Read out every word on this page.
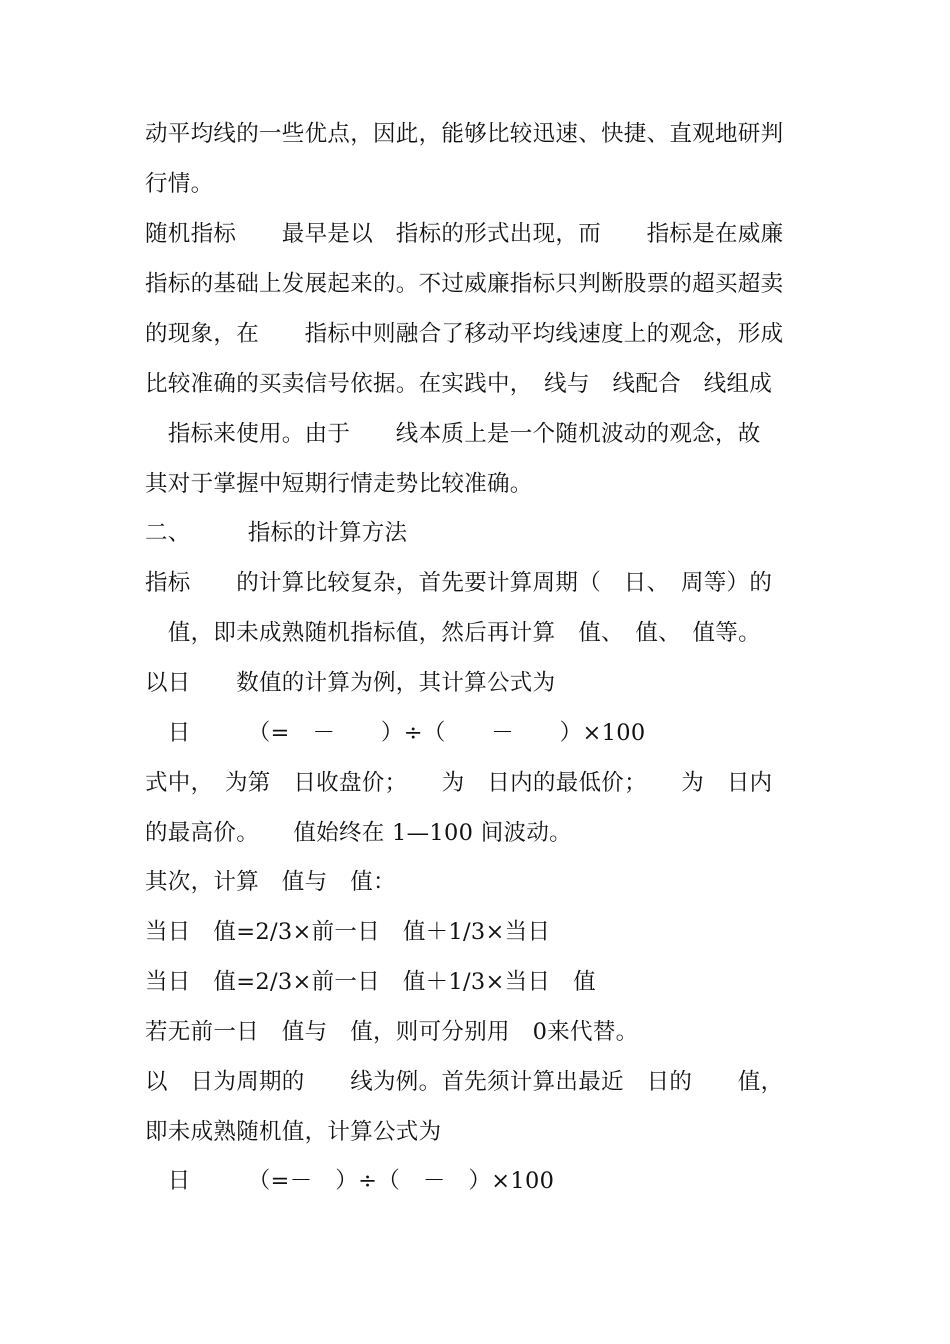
动平均线的一些优点，因此，能够比较迅速、快捷、直观地研判
行情。
随机指标　　最早是以　指标的形式出现，而　　指标是在威廉
指标的基础上发展起来的。不过威廉指标只判断股票的超买超卖
的现象，在　　指标中则融合了移动平均线速度上的观念，形成
比较准确的买卖信号依据。在实践中，　线与　线配合　线组成
　指标来使用。由于　　线本质上是一个随机波动的观念，故
其对于掌握中短期行情走势比较准确。
二、　　　指标的计算方法
指标　　的计算比较复杂，首先要计算周期（　日、　周等）的
　值，即未成熟随机指标值，然后再计算　值、　值、　值等。
以日　　数值的计算为例，其计算公式为
　日　　　（=　－　　）÷（　　－　　）×100
式中，　为第　日收盘价；　　为　日内的最低价；　　为　日内
的最高价。　　值始终在 1—100 间波动。
其次，计算　值与　值：
当日　值=2/3×前一日　值＋1/3×当日
当日　值=2/3×前一日　值＋1/3×当日　值
若无前一日　值与　值，则可分别用　0来代替。
以　日为周期的　　线为例。首先须计算出最近　日的　　值，
即未成熟随机值，计算公式为
　日　　　（=－　）÷（　－　）×100
